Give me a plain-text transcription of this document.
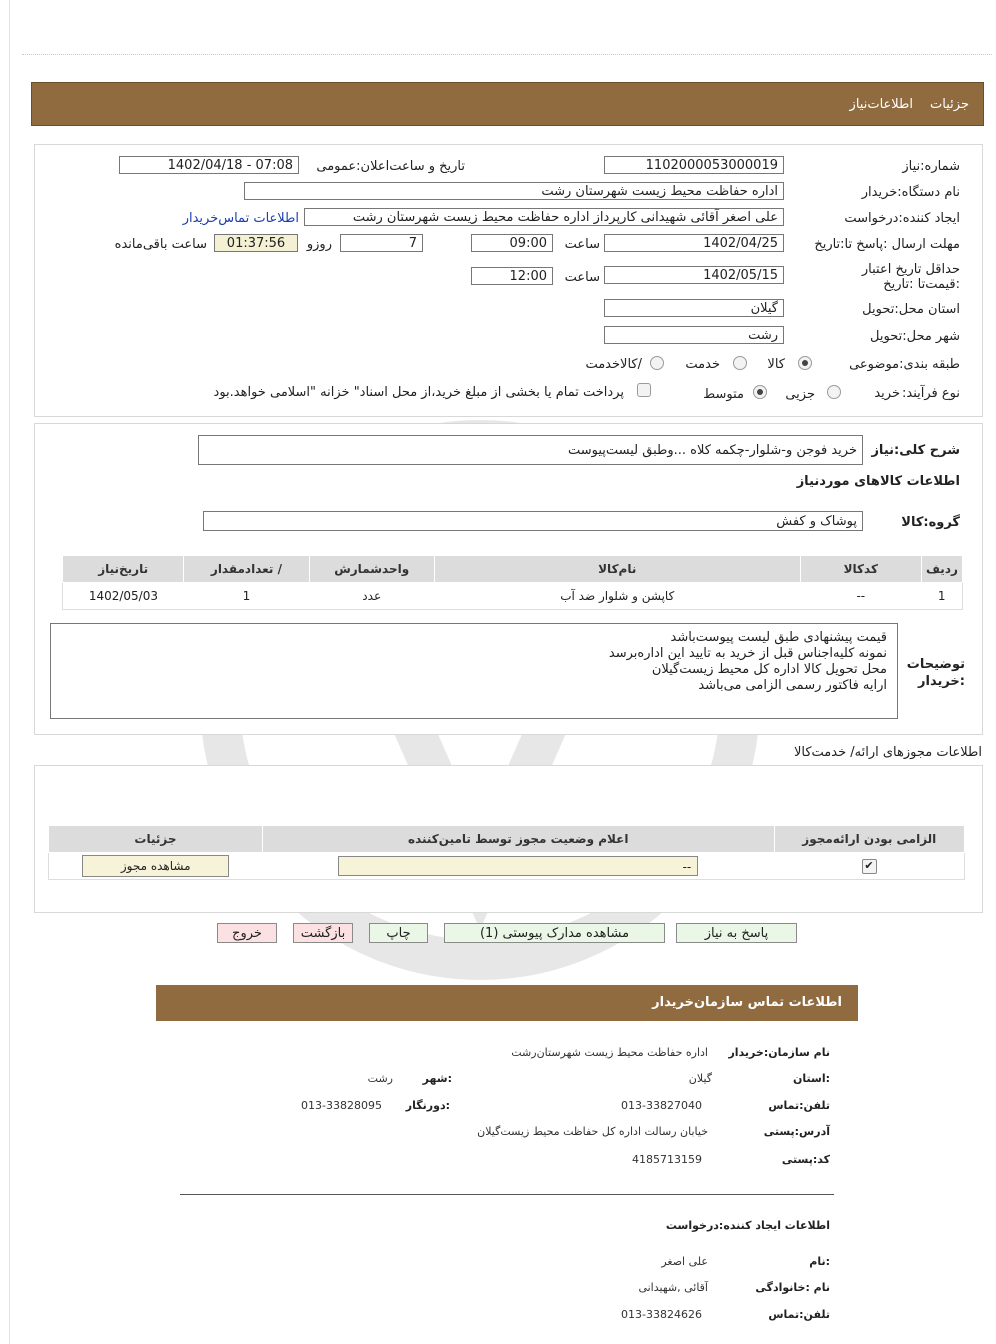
جزئیات
اطلاعات‌نیاز
شماره:نیاز
1102000053000019
تاریخ و ساعت‌اعلان:عمومی
1402/04/18 - 07:08
نام دستگاه:خریدار
اداره حفاظت محیط زیست شهرستان رشت
ایجاد کننده:درخواست
علی اصغر آقائی شهیدانی کارپرداز اداره حفاظت محیط زیست شهرستان رشت
اطلاعات تماس‌خریدار
مهلت ارسال :پاسخ تا:تاریخ
1402/04/25
ساعت
09:00
7
روزو
01:37:56
ساعت باقی‌مانده
حداقل تاریخ اعتبار :قیمت‌تا :تاریخ
1402/05/15
ساعت
12:00
استان محل:تحویل
گیلان
شهر محل:تحویل
رشت
طبقه بندی:موضوعی
کالا
خدمت
/کالاخدمت
نوع فرآیند:
خرید
جزیی
متوسط
پرداخت تمام یا بخشی از مبلغ خرید،از محل اسناد" خزانه "اسلامی خواهد.بود
شرح کلی:نیاز
خرید فوجن و-شلوار-چکمه کلاه ...وطبق لیست‌پیوست
اطلاعات کالاهای موردنیاز
گروه:کالا
پوشاک و کفش
ردیف	کدکالا	نام‌کالا	واحدشمارش	/ تعدادمقدار	تاریخ‌نیاز
1	--	کاپشن و شلوار ضد آب	عدد	1	1402/05/03
توضیحات :خریدار
قیمت پیشنهادی طبق لیست پیوست‌باشد
نمونه کلیه‌اجناس قبل از خرید به تایید این اداره‌برسد
محل تحویل کالا اداره کل محیط زیست‌گیلان
ارایه فاکتور رسمی الزامی می‌باشد
اطلاعات مجوزهای ارائه/ خدمت‌کالا
الزامی بودن ارائه‌مجوز	اعلام وضعیت مجوز توسط تامین‌کننده	جزئیات
✔	--	مشاهده مجوز
پاسخ به نیاز
مشاهده مدارک پیوستی (1)
چاپ
بازگشت
خروج
اطلاعات تماس سازمان‌خریدار
نام سازمان:خریدار
اداره حفاظت محیط زیست شهرستان‌رشت
:استان
گیلان
:شهر
رشت
تلفن:تماس
013-33827040
:دورنگار
013-33828095
آدرس:پستی
خیابان رسالت اداره کل حفاظت محیط زیست‌گیلان
کد:پستی
4185713159
اطلاعات ایجاد کننده:درخواست
:نام
علی اصغر
نام :خانوادگی
آقائی ,شهیدانی
تلفن:تماس
013-33824626
